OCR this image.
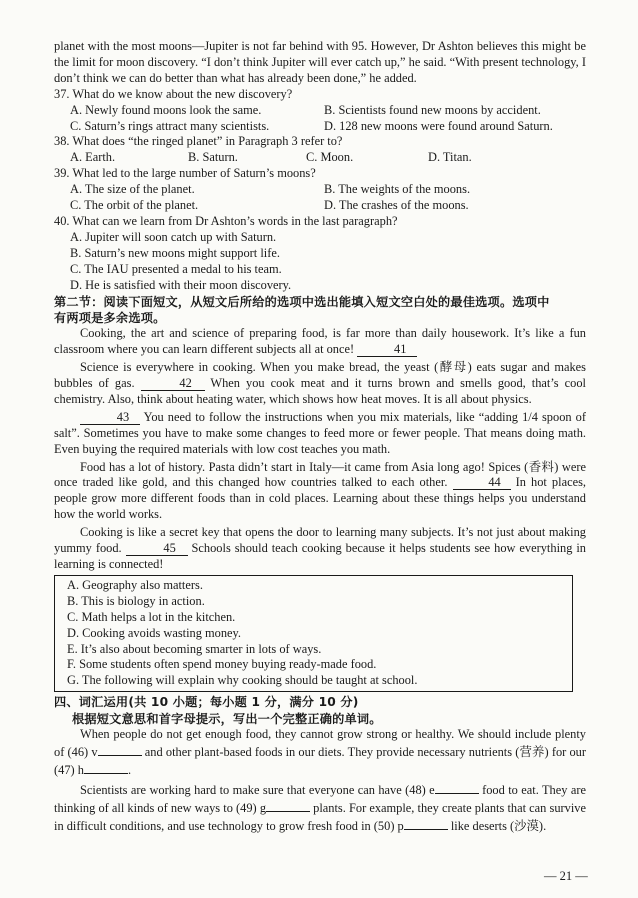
planet with the most moons—Jupiter is not far behind with 95. However, Dr Ashton believes this might be the limit for moon discovery. “I don’t think Jupiter will ever catch up,” he said. “With present technology, I don’t think we can do better than what has already been done,” he added.

37. What do we know about the new discovery?

A. Newly found moons look the same.	B. Scientists found new moons by accident.
C. Saturn’s rings attract many scientists.	D. 128 new moons were found around Saturn.

38. What does “the ringed planet” in Paragraph 3 refer to?

A. Earth.	B. Saturn.	C. Moon.	D. Titan.

39. What led to the large number of Saturn’s moons?

A. The size of the planet.	B. The weights of the moons.
C. The orbit of the planet.	D. The crashes of the moons.

40. What can we learn from Dr Ashton’s words in the last paragraph?

A. Jupiter will soon catch up with Saturn.

B. Saturn’s new moons might support life.

C. The IAU presented a medal to his team.

D. He is satisfied with their moon discovery.

第二节：阅读下面短文，从短文后所给的选项中选出能填入短文空白处的最佳选项。选项中
有两项是多余选项。

Cooking, the art and science of preparing food, is far more than daily housework. It’s like a fun classroom where you can learn different subjects all at once!	41

Science is everywhere in cooking. When you make bread, the yeast (酵母) eats sugar and makes bubbles of gas.	42 When you cook meat and it turns brown and smells good, that’s cool chemistry. Also, think about heating water, which shows how heat moves. It is all about physics.

43 You need to follow the instructions when you mix materials, like “adding 1/4 spoon of salt”. Sometimes you have to make some changes to feed more or fewer people. That means doing math. Even buying the required materials with low cost teaches you math.

Food has a lot of history. Pasta didn’t start in Italy—it came from Asia long ago! Spices (香料) were once traded like gold, and this changed how countries talked to each other.	44 In hot places, people grow more different foods than in cold places. Learning about these things helps you understand how the world works.

Cooking is like a secret key that opens the door to learning many subjects. It’s not just about making yummy food.	45 Schools should teach cooking because it helps students see how everything in learning is connected!

A. Geography also matters.
B. This is biology in action.
C. Math helps a lot in the kitchen.
D. Cooking avoids wasting money.
E. It’s also about becoming smarter in lots of ways.
F. Some students often spend money buying ready-made food.
G. The following will explain why cooking should be taught at school.
四、词汇运用(共 10 小题；每小题 1 分，满分 10 分)
根据短文意思和首字母提示，写出一个完整正确的单词。

When people do not get enough food, they cannot grow strong or healthy. We should include plenty of (46) v	and other plant-based foods in our diets. They provide necessary nutrients (营养) for our (47) h	.

Scientists are working hard to make sure that everyone can have (48) e	food to eat. They are thinking of all kinds of new ways to (49) g	plants. For example, they create plants that can survive in difficult conditions, and use technology to grow fresh food in (50) p	like deserts (沙漠).

— 21 —
